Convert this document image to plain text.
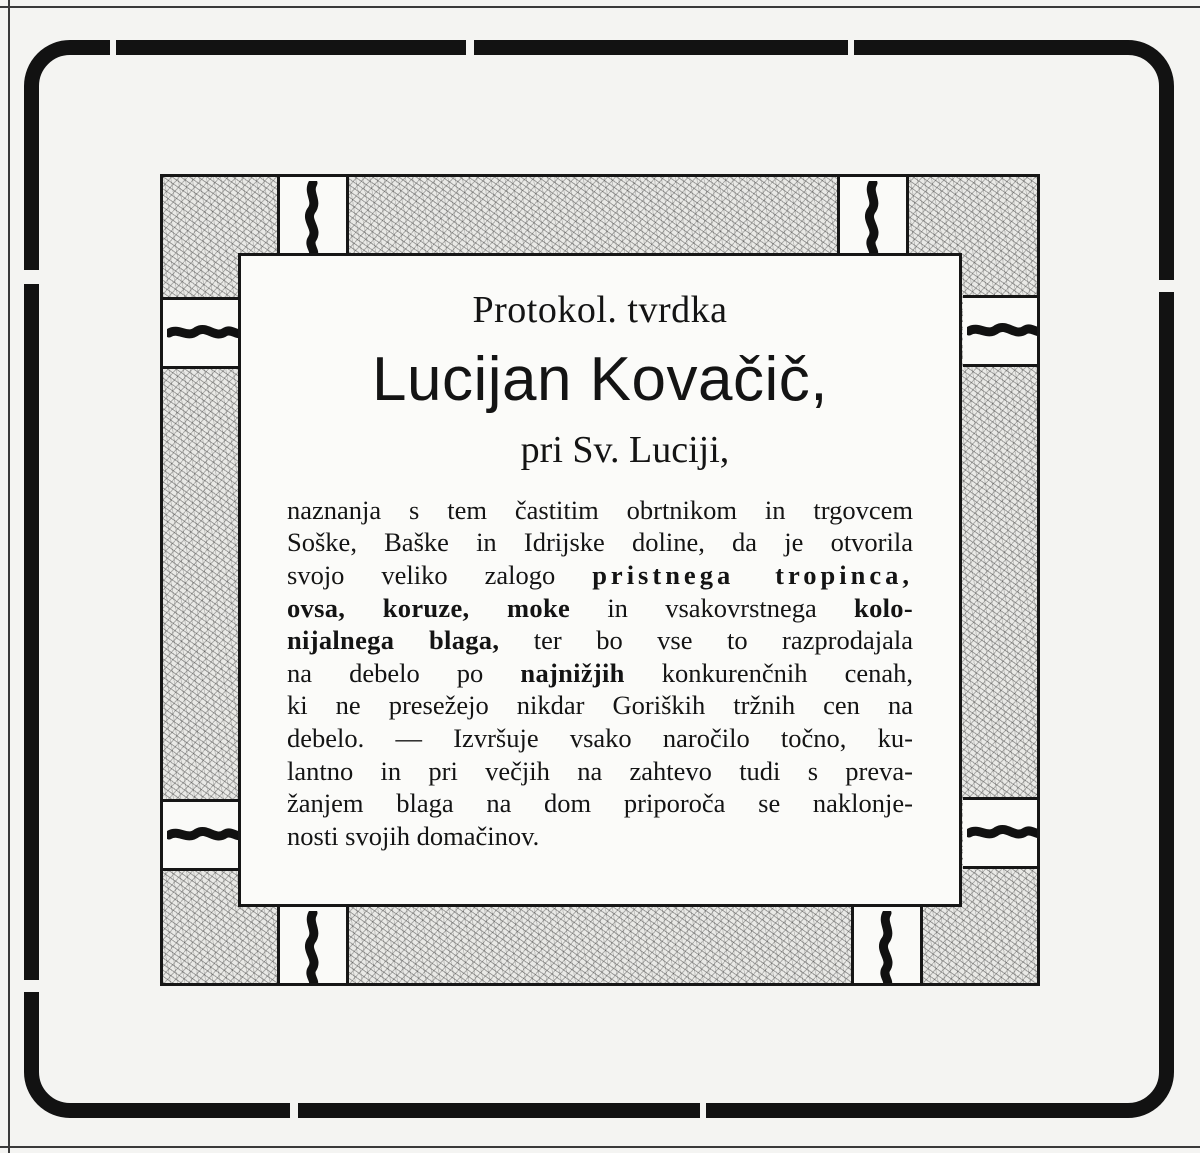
Protokol. tvrdka

Lucijan Kovačič,

pri Sv. Luciji,

naznanja s tem častitim obrtnikom in trgovcem
Soške, Baške in Idrijske doline, da je otvorila
svojo veliko zalogo pristnega tropinca,
ovsa, koruze, moke in vsakovrstnega kolo-
nijalnega blaga, ter bo vse to razprodajala
na debelo po najnižjih konkurenčnih cenah,
ki ne presežejo nikdar Goriških tržnih cen na
debelo. — Izvršuje vsako naročilo točno, ku-
lantno in pri večjih na zahtevo tudi s preva-
žanjem blaga na dom priporoča se naklonje-
nosti svojih domačinov.
